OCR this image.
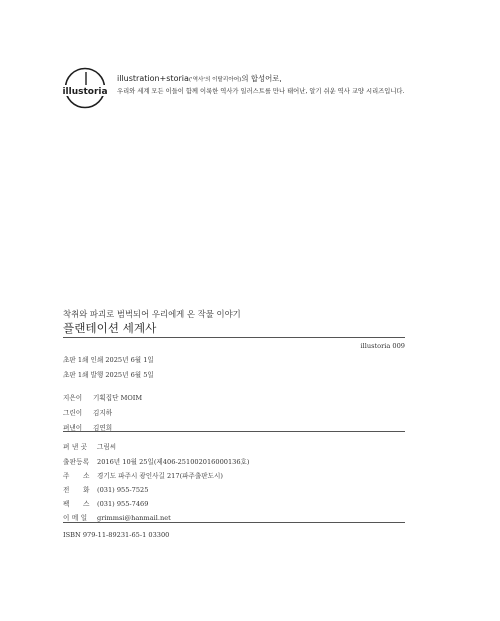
illustoria
illustration+storia('역사'의 이탈리아어)의 합성어로,
우리와 세계 모든 이들이 함께 이룩한 역사가 일러스트를 만나 태어난, 알기 쉬운 역사 교양 시리즈입니다.
착취와 파괴로 범벅되어 우리에게 온 작물 이야기
플랜테이션 세계사
illustoria 009
초판 1쇄 인쇄 2025년 6월 1일
초판 1쇄 발행 2025년 6월 5일
지은이 기획집단 MOIM
그린이 김지하
펴낸이 김연희
펴 낸 곳 그림씨
출판등록 2016년 10월 25일(제406-251002016000136호)
주　　소 경기도 파주시 광인사길 217(파주출판도시)
전　　화 (031) 955-7525
팩　　스 (031) 955-7469
이 메 일 grimmsi@hanmail.net
ISBN 979-11-89231-65-1 03300
